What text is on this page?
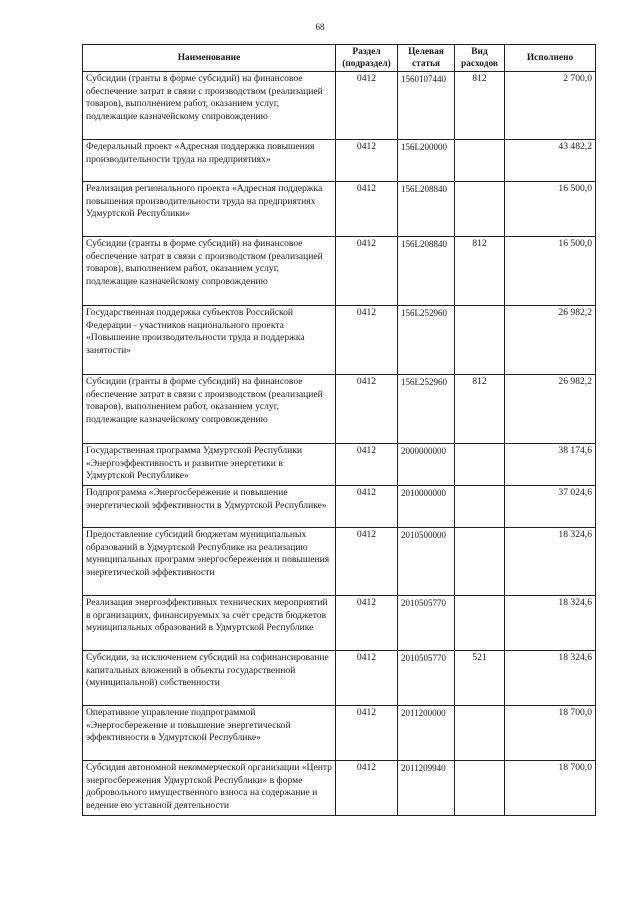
68
Наименование	Раздел (подраздел)	Целевая статья	Вид расходов	Исполнено
Субсидии (гранты в форме субсидий) на финансовое обеспечение затрат в связи с производством (реализацией товаров), выполнением работ, оказанием услуг, подлежащие казначейскому сопровождению	0412	1560107440	812	2 700,0
Федеральный проект «Адресная поддержка повышения производительности труда на предприятиях»	0412	156L200000		43 482,2
Реализация регионального проекта «Адресная поддержка повышения производительности труда на предприятиях Удмуртской Республики»	0412	156L208840		16 500,0
Субсидии (гранты в форме субсидий) на финансовое обеспечение затрат в связи с производством (реализацией товаров), выполнением работ, оказанием услуг, подлежащие казначейскому сопровождению	0412	156L208840	812	16 500,0
Государственная поддержка субъектов Российской Федерации - участников национального проекта «Повышение производительности труда и поддержка занятости»	0412	156L252960		26 982,2
Субсидии (гранты в форме субсидий) на финансовое обеспечение затрат в связи с производством (реализацией товаров), выполнением работ, оказанием услуг, подлежащие казначейскому сопровождению	0412	156L252960	812	26 982,2
Государственная программа Удмуртской Республики «Энергоэффективность и развитие энергетики в Удмуртской Республике»	0412	2000000000		38 174,6
Подпрограмма «Энергосбережение и повышение энергетической эффективности в Удмуртской Республике»	0412	2010000000		37 024,6
Предоставление субсидий бюджетам муниципальных образований в Удмуртской Республике на реализацию муниципальных программ энергосбережения и повышения энергетической эффективности	0412	2010500000		18 324,6
Реализация энергоэффективных технических мероприятий в организациях, финансируемых за счёт средств бюджетов муниципальных образований в Удмуртской Республике	0412	2010505770		18 324,6
Субсидии, за исключением субсидий на софинансирование капитальных вложений в объекты государственной (муниципальной) собственности	0412	2010505770	521	18 324,6
Оперативное управление подпрограммой «Энергосбережение и повышение энергетической эффективности в Удмуртской Республике»	0412	2011200000		18 700,0
Субсидия автономной некоммерческой организации «Центр энергосбережения Удмуртской Республики» в форме добровольного имущественного взноса на содержание и ведение ею уставной деятельности	0412	2011209940		18 700,0
